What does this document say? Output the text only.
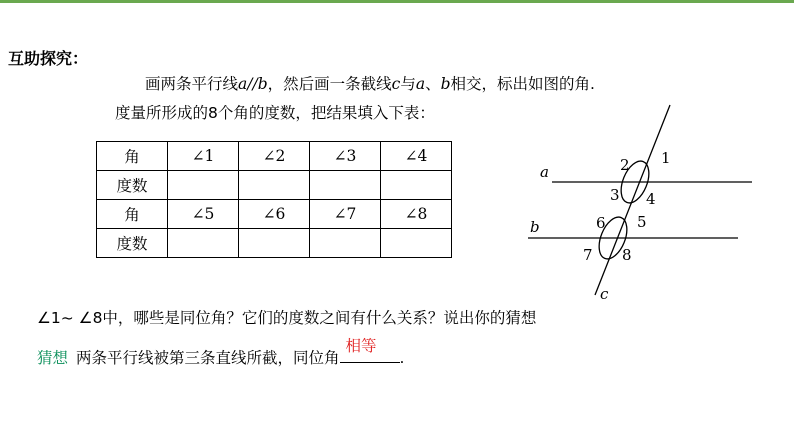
互助探究：
画两条平行线a//b，然后画一条截线c与a、b相交，标出如图的角.
度量所形成的8个角的度数，把结果填入下表：
角	∠1	∠2	∠3	∠4
度数				
角	∠5	∠6	∠7	∠8
度数				
a
b
c
1
2
3 4
5
6
7 8
∠1~ ∠8中，哪些是同位角？它们的度数之间有什么关系？说出你的猜想
猜想 两条平行线被第三条直线所截，同位角
相等
.
